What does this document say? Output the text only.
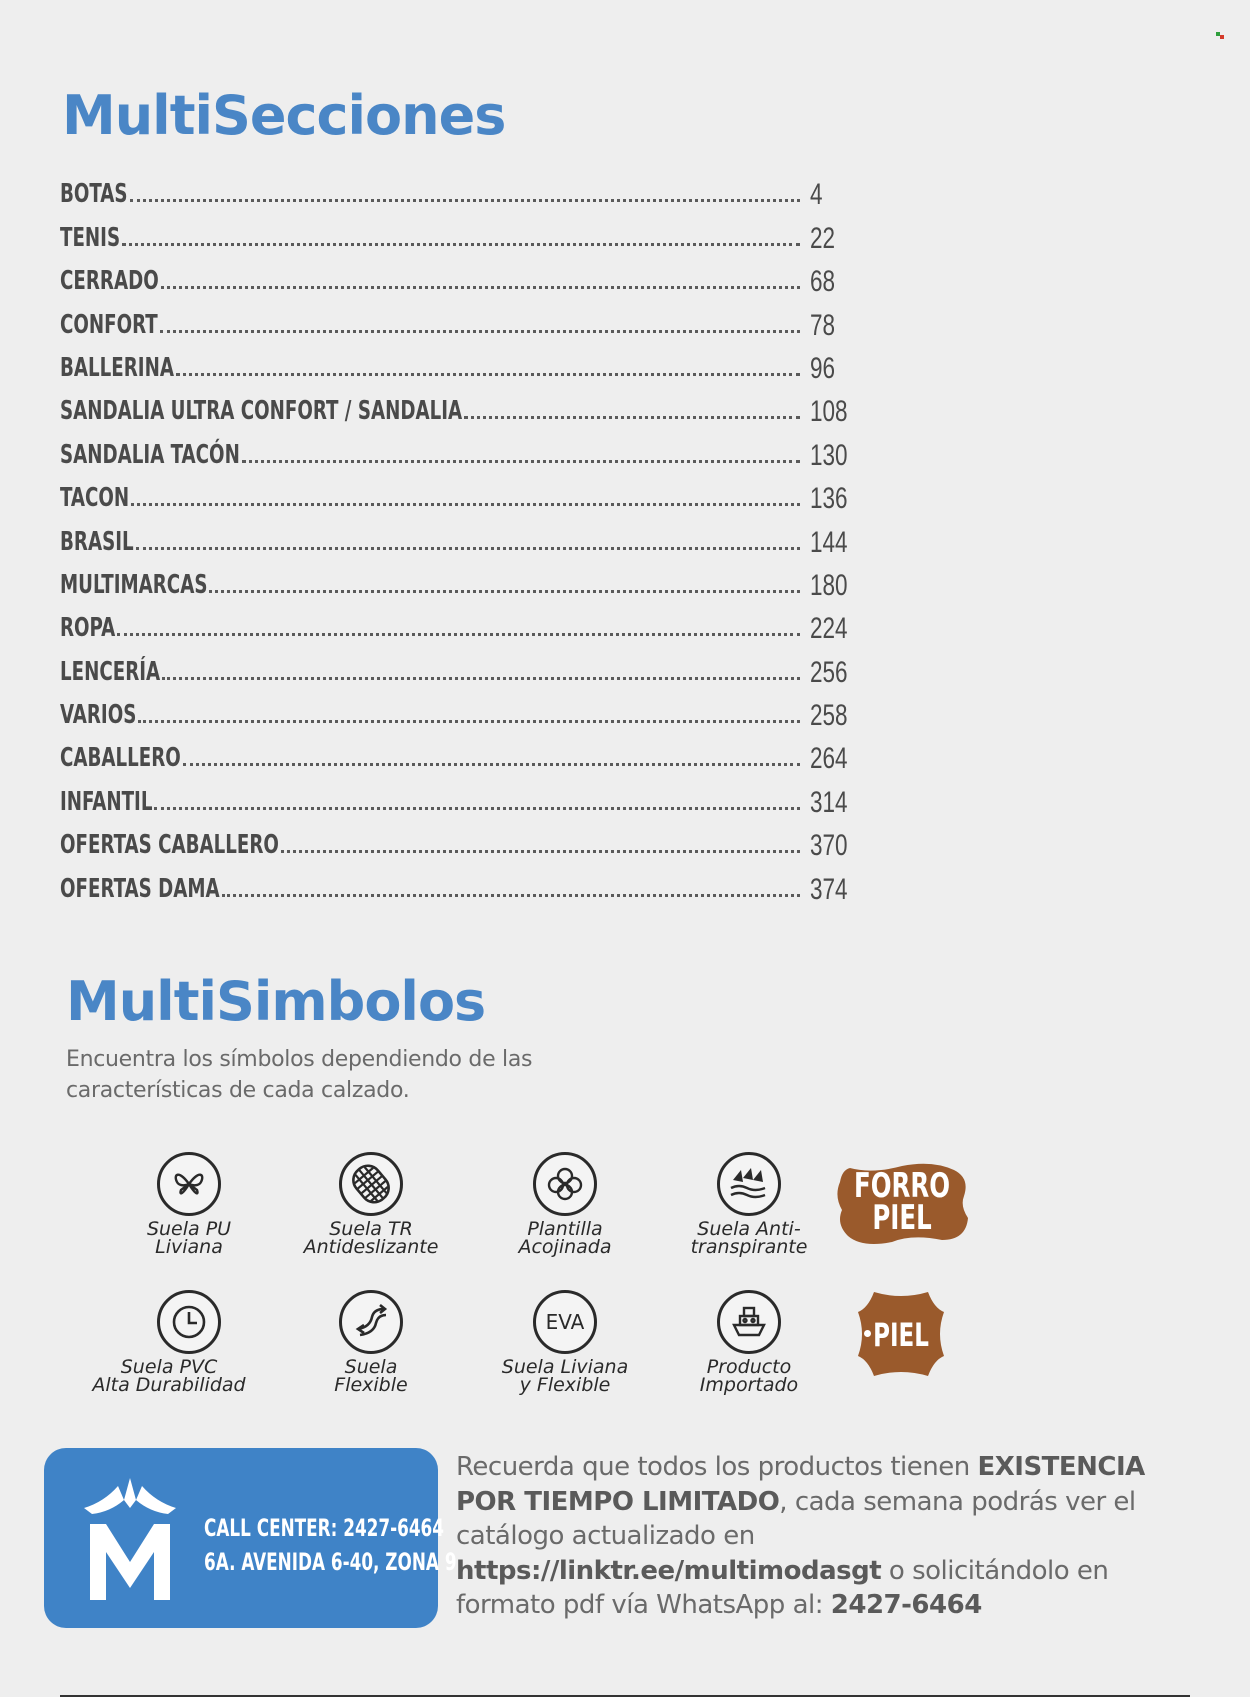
MultiSecciones
BOTAS	4
TENIS	22
CERRADO	68
CONFORT	78
BALLERINA	96
SANDALIA ULTRA CONFORT / SANDALIA	108
SANDALIA TACÓN	130
TACON	136
BRASIL	144
MULTIMARCAS	180
ROPA	224
LENCERÍA	256
VARIOS	258
CABALLERO	264
INFANTIL	314
OFERTAS CABALLERO	370
OFERTAS DAMA	374
MultiSimbolos
Encuentra los símbolos dependiendo de las características de cada calzado.
Suela PU
Liviana
Suela TR
Antideslizante
Plantilla
Acojinada
Suela Anti-
transpirante
Suela PVC
Alta Durabilidad
Suela
Flexible
EVA
Suela Liviana
y Flexible
Producto
Importado
FORRO
PIEL
PIEL
CALL CENTER: 2427-6464
6A. AVENIDA 6-40, ZONA 9
Recuerda que todos los productos tienen EXISTENCIA POR TIEMPO LIMITADO, cada semana podrás ver el catálogo actualizado en https://linktr.ee/multimodasgt o solicitándolo en formato pdf vía WhatsApp al: 2427-6464
